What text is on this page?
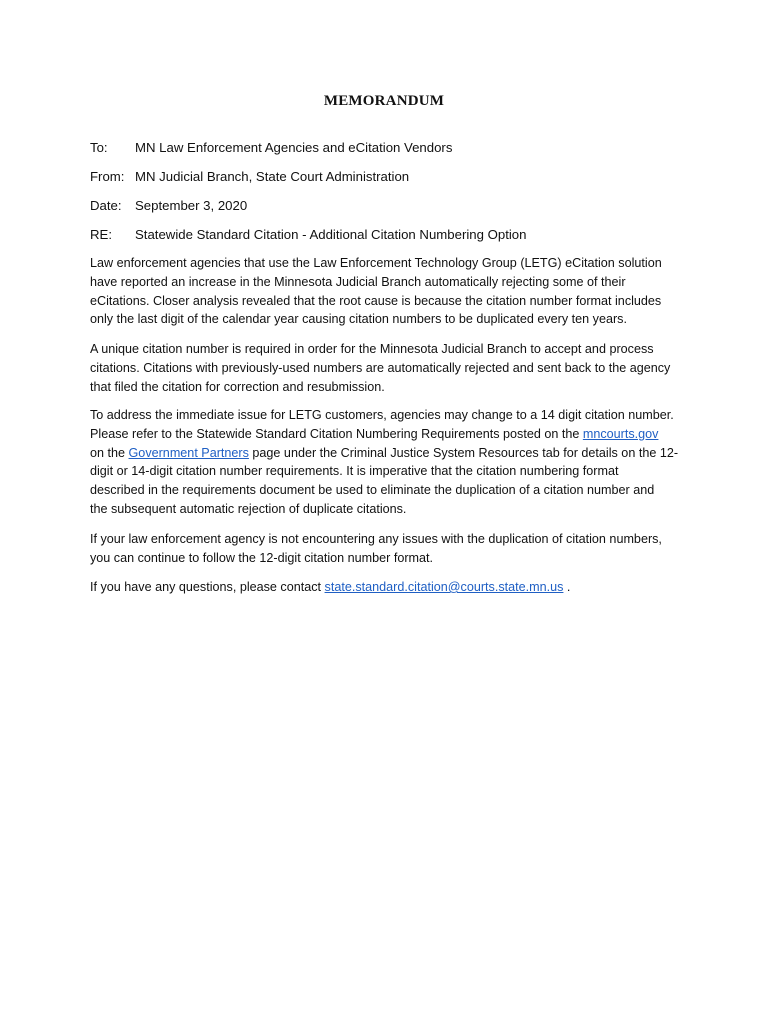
MEMORANDUM
To: MN Law Enforcement Agencies and eCitation Vendors
From: MN Judicial Branch, State Court Administration
Date: September 3, 2020
RE: Statewide Standard Citation - Additional Citation Numbering Option

Law enforcement agencies that use the Law Enforcement Technology Group (LETG) eCitation solution
have reported an increase in the Minnesota Judicial Branch automatically rejecting some of their
eCitations. Closer analysis revealed that the root cause is because the citation number format includes
only the last digit of the calendar year causing citation numbers to be duplicated every ten years.

A unique citation number is required in order for the Minnesota Judicial Branch to accept and process
citations. Citations with previously-used numbers are automatically rejected and sent back to the agency
that filed the citation for correction and resubmission.

To address the immediate issue for LETG customers, agencies may change to a 14 digit citation number.
Please refer to the Statewide Standard Citation Numbering Requirements posted on the mncourts.gov
on the Government Partners page under the Criminal Justice System Resources tab for details on the 12-
digit or 14-digit citation number requirements. It is imperative that the citation numbering format
described in the requirements document be used to eliminate the duplication of a citation number and
the subsequent automatic rejection of duplicate citations.

If your law enforcement agency is not encountering any issues with the duplication of citation numbers,
you can continue to follow the 12-digit citation number format.

If you have any questions, please contact state.standard.citation@courts.state.mn.us .
